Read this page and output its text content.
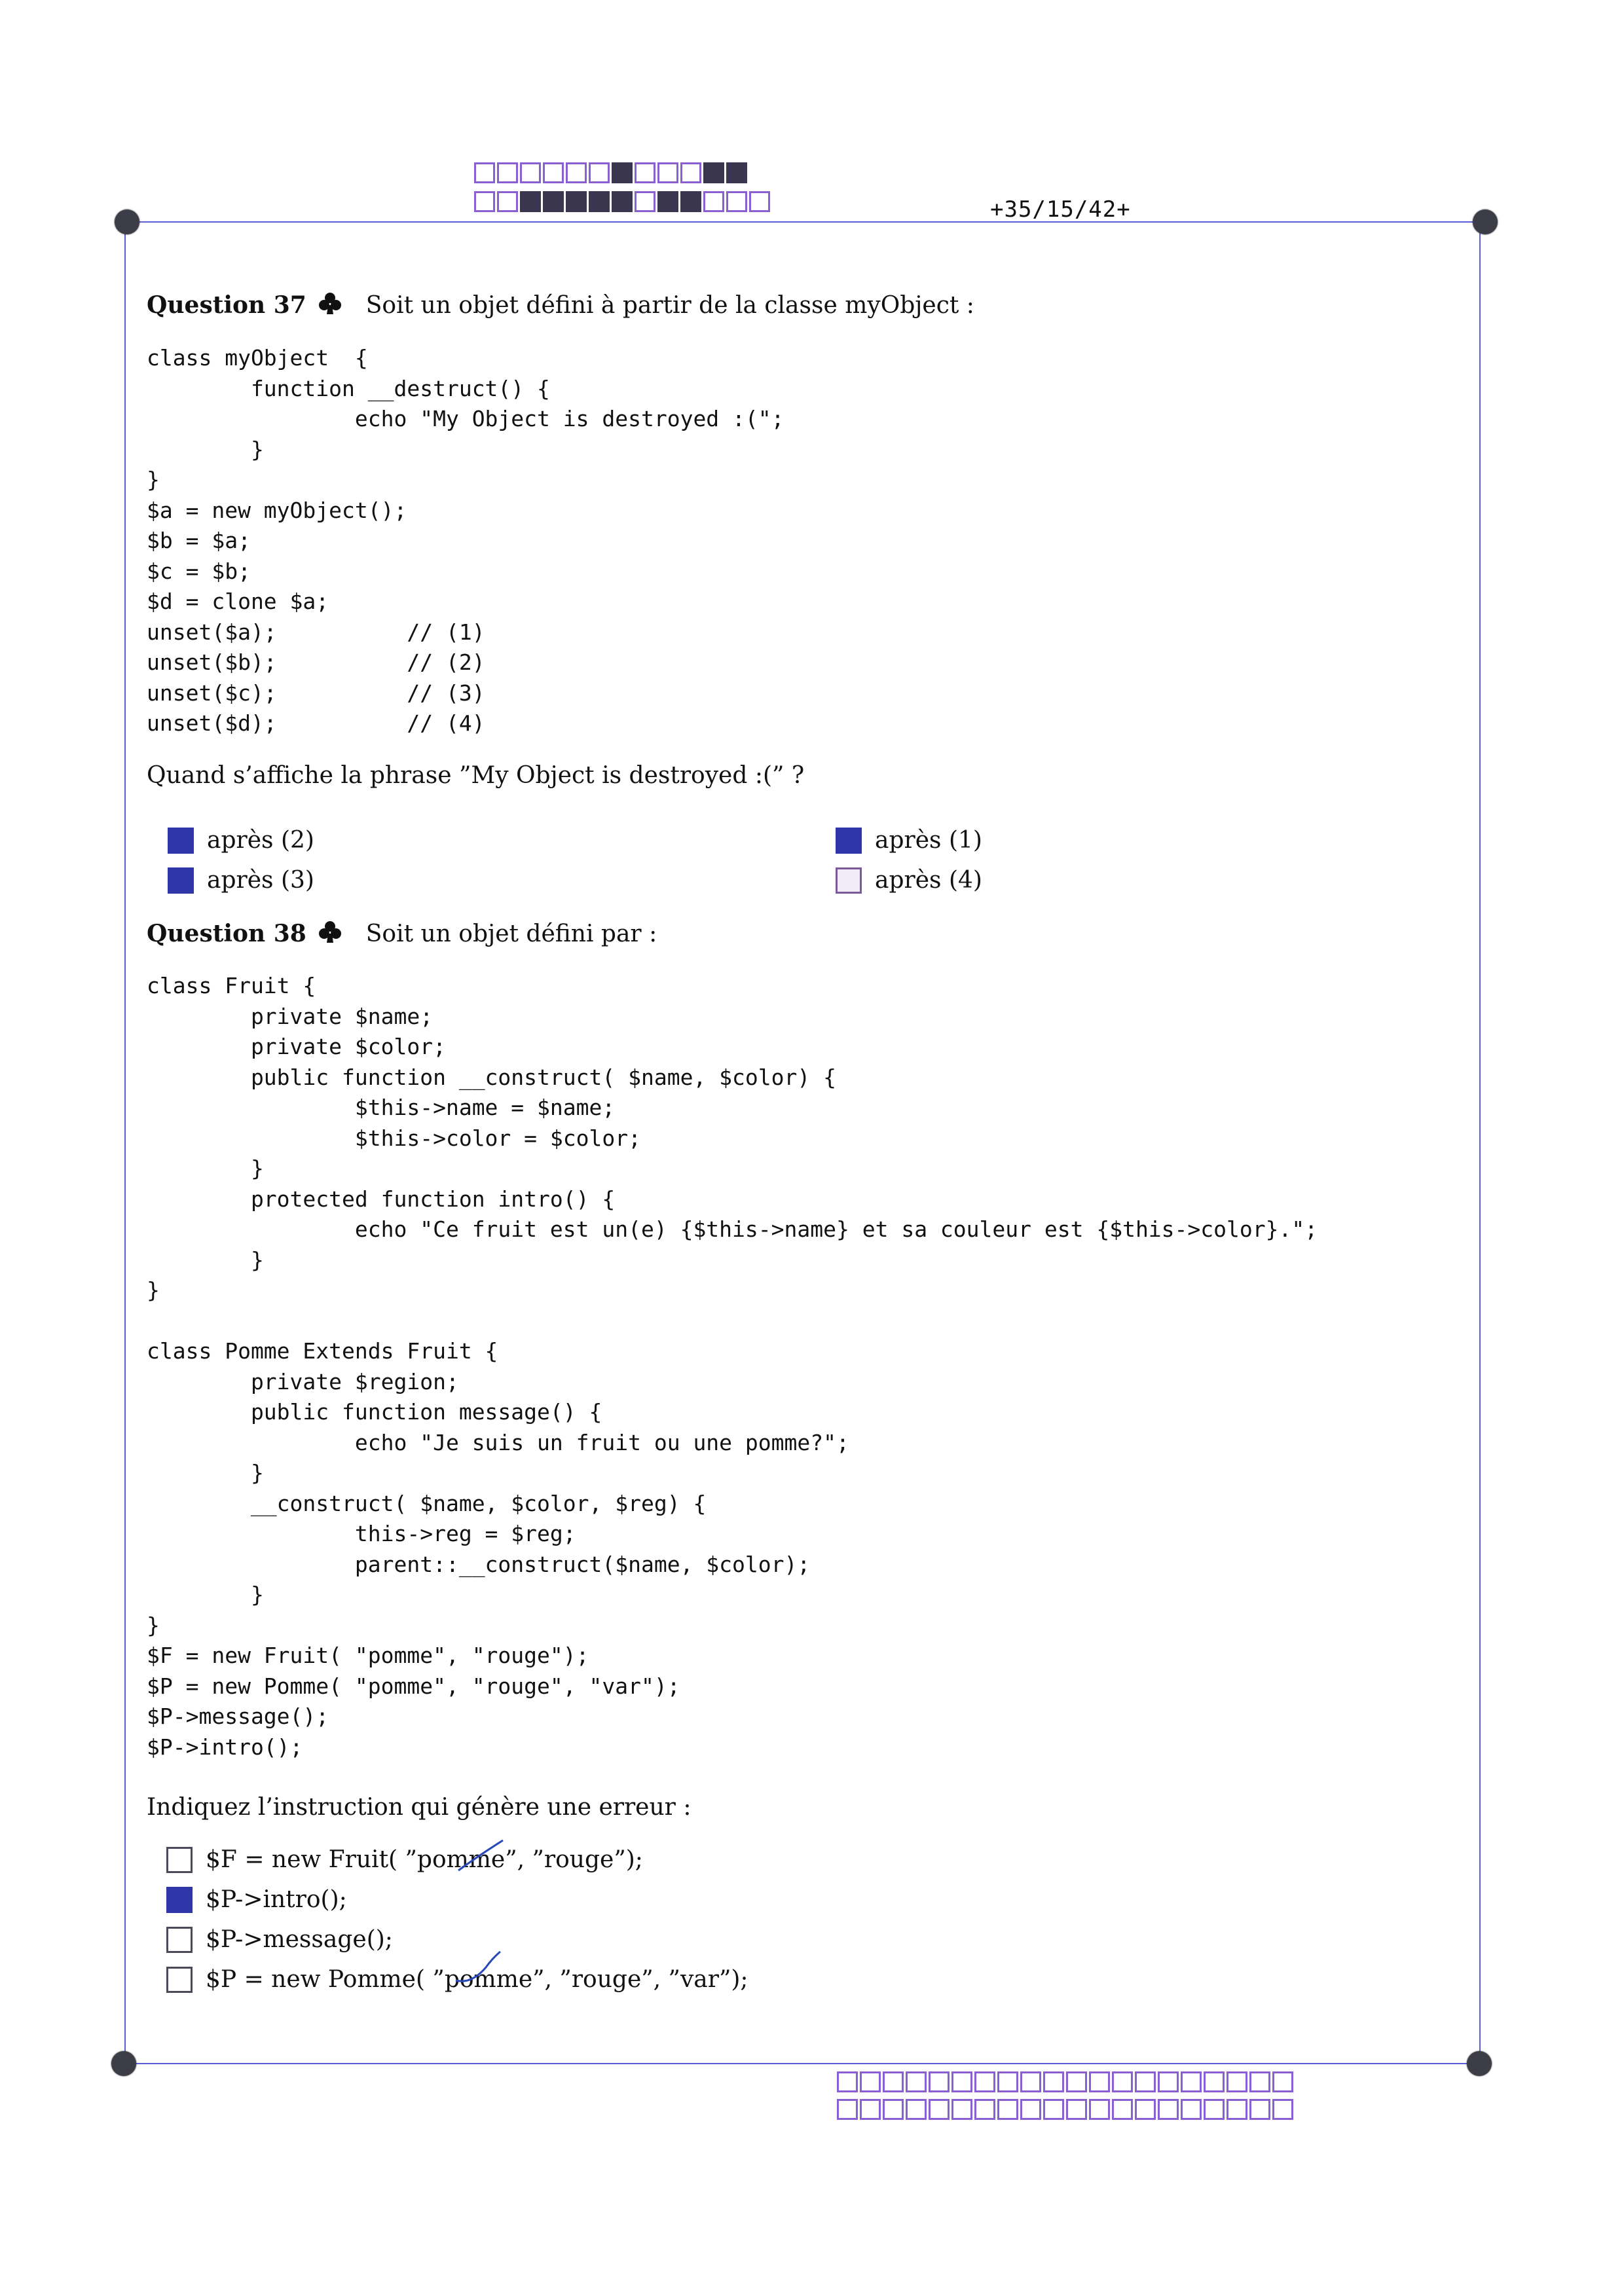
+35/15/42+
Question 37	Soit un objet défini à partir de la classe myObject :
class myObject  {
function __destruct() {
echo "My Object is destroyed :(";
}
}
$a = new myObject();
$b = $a;
$c = $b;
$d = clone $a;
unset($a);          // (1)
unset($b);          // (2)
unset($c);          // (3)
unset($d);          // (4)
Quand s’affiche la phrase ”My Object is destroyed :(” ?
après (2)
après (3)
après (1)
après (4)
Question 38	Soit un objet défini par :
class Fruit {
private $name;
private $color;
public function __construct( $name, $color) {
$this->name = $name;
$this->color = $color;
}
protected function intro() {
echo "Ce fruit est un(e) {$this->name} et sa couleur est {$this->color}.";
}
}

class Pomme Extends Fruit {
private $region;
public function message() {
echo "Je suis un fruit ou une pomme?";
}
__construct( $name, $color, $reg) {
this->reg = $reg;
parent::__construct($name, $color);
}
}
$F = new Fruit( "pomme", "rouge");
$P = new Pomme( "pomme", "rouge", "var");
$P->message();
$P->intro();
Indiquez l’instruction qui génère une erreur :
$F = new Fruit( ”pomme”, ”rouge”);
$P->intro();
$P->message();
$P = new Pomme( ”pomme”, ”rouge”, ”var”);
